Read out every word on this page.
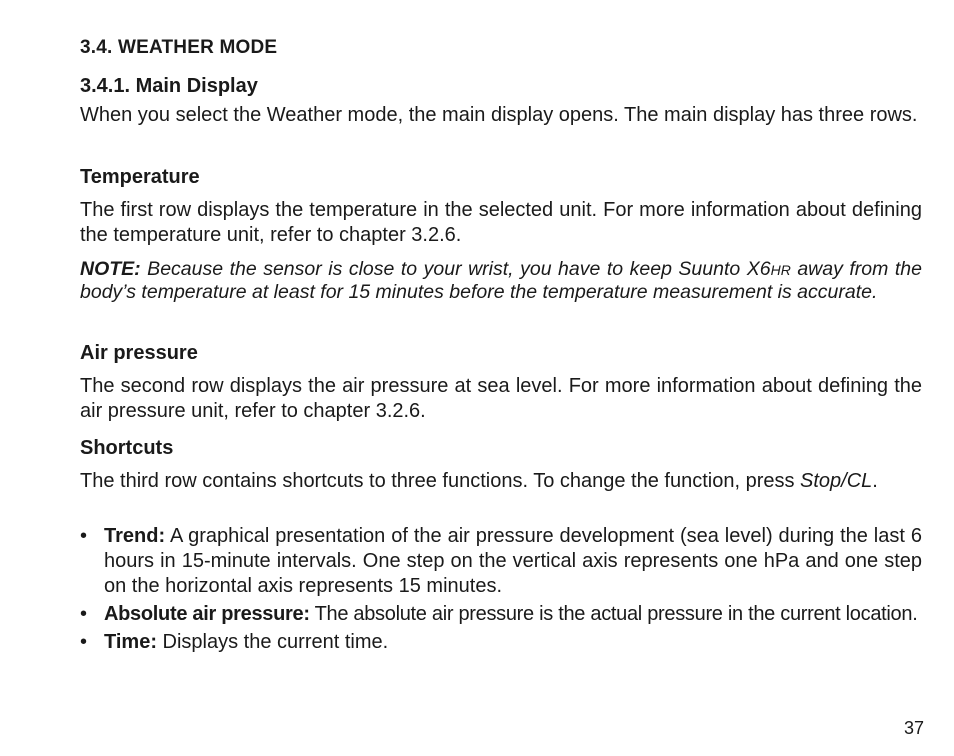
3.4. WEATHER MODE
3.4.1. Main Display

When you select the Weather mode, the main display opens. The main display has three rows.

Temperature

The first row displays the temperature in the selected unit. For more information about defining the temperature unit, refer to chapter 3.2.6.

NOTE: Because the sensor is close to your wrist, you have to keep Suunto X6HR away from the body’s temperature at least for 15 minutes before the temperature measurement is accurate.

Air pressure

The second row displays the air pressure at sea level. For more information about defining the air pressure unit, refer to chapter 3.2.6.

Shortcuts

The third row contains shortcuts to three functions. To change the function, press Stop/CL.

• Trend: A graphical presentation of the air pressure development (sea level) during the last 6 hours in 15-minute intervals. One step on the vertical axis represents one hPa and one step on the horizontal axis represents 15 minutes.
• Absolute air pressure: The absolute air pressure is the actual pressure in the current location.
• Time: Displays the current time.
37
